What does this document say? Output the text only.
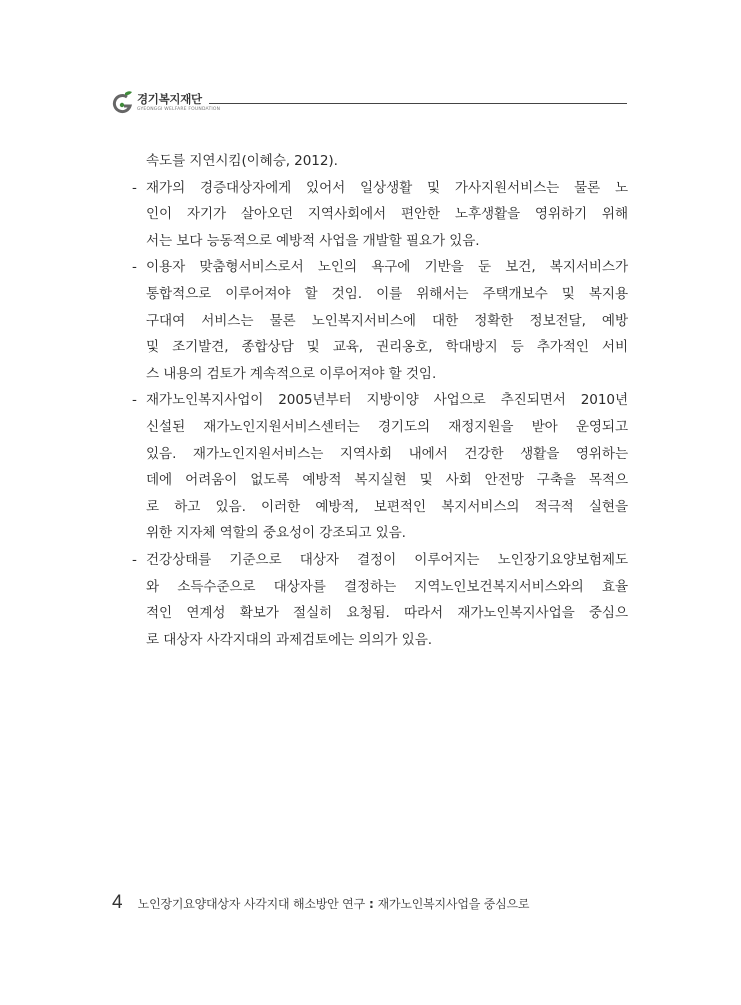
경기복지재단
GYEONGGI WELFARE FOUNDATION
속도를 지연시킴(이혜승, 2012).
- 재가의 경증대상자에게 있어서 일상생활 및 가사지원서비스는 물론 노
인이 자기가 살아오던 지역사회에서 편안한 노후생활을 영위하기 위해
서는 보다 능동적으로 예방적 사업을 개발할 필요가 있음.
- 이용자 맞춤형서비스로서 노인의 욕구에 기반을 둔 보건, 복지서비스가
통합적으로 이루어져야 할 것임. 이를 위해서는 주택개보수 및 복지용
구대여 서비스는 물론 노인복지서비스에 대한 정확한 정보전달, 예방
및 조기발견, 종합상담 및 교육, 권리옹호, 학대방지 등 추가적인 서비
스 내용의 검토가 계속적으로 이루어져야 할 것임.
- 재가노인복지사업이 2005년부터 지방이양 사업으로 추진되면서 2010년
신설된 재가노인지원서비스센터는 경기도의 재정지원을 받아 운영되고
있음. 재가노인지원서비스는 지역사회 내에서 건강한 생활을 영위하는
데에 어려움이 없도록 예방적 복지실현 및 사회 안전망 구축을 목적으
로 하고 있음. 이러한 예방적, 보편적인 복지서비스의 적극적 실현을
위한 지자체 역할의 중요성이 강조되고 있음.
- 건강상태를 기준으로 대상자 결정이 이루어지는 노인장기요양보험제도
와 소득수준으로 대상자를 결정하는 지역노인보건복지서비스와의 효율
적인 연계성 확보가 절실히 요청됨. 따라서 재가노인복지사업을 중심으
로 대상자 사각지대의 과제검토에는 의의가 있음.
4 노인장기요양대상자 사각지대 해소방안 연구 : 재가노인복지사업을 중심으로
